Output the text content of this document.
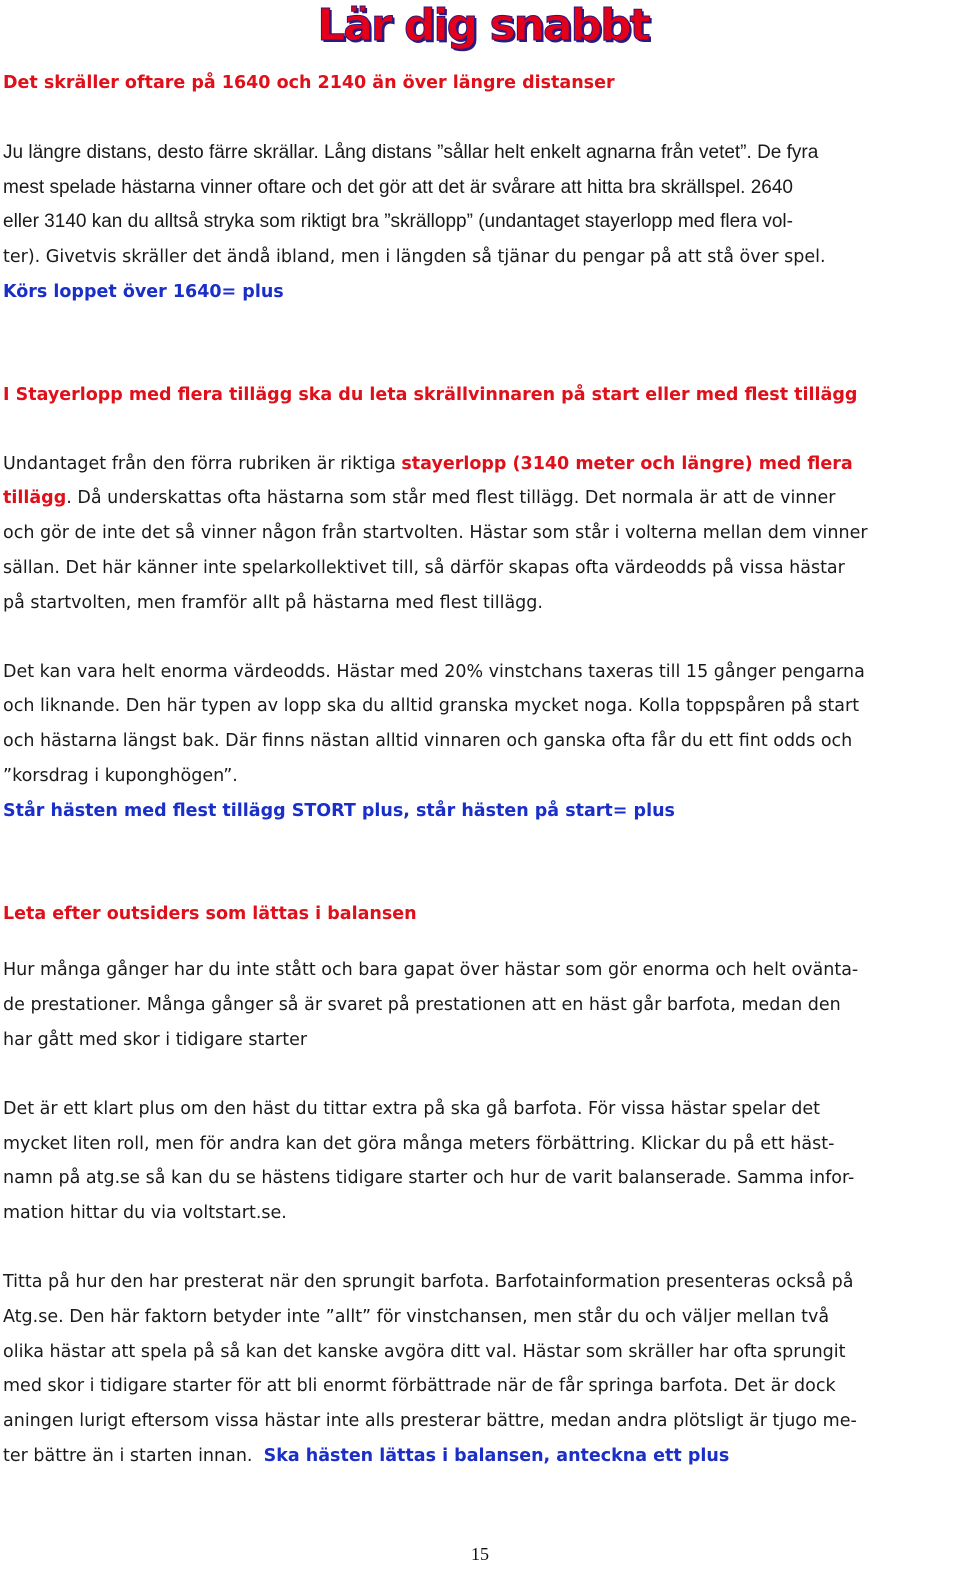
Lär dig snabbt

Det skräller oftare på 1640 och 2140 än över längre distanser

Ju längre distans, desto färre skrällar. Lång distans ”sållar helt enkelt agnarna från vetet”. De fyra

mest spelade hästarna vinner oftare och det gör att det är svårare att hitta bra skrällspel. 2640

eller 3140 kan du alltså stryka som riktigt bra ”skrällopp” (undantaget stayerlopp med flera vol-

ter). Givetvis skräller det ändå ibland, men i längden så tjänar du pengar på att stå över spel.

Körs loppet över 1640= plus

I Stayerlopp med flera tillägg ska du leta skrällvinnaren på start eller med flest tillägg

Undantaget från den förra rubriken är riktiga stayerlopp (3140 meter och längre) med flera

tillägg. Då underskattas ofta hästarna som står med flest tillägg. Det normala är att de vinner

och gör de inte det så vinner någon från startvolten. Hästar som står i volterna mellan dem vinner

sällan. Det här känner inte spelarkollektivet till, så därför skapas ofta värdeodds på vissa hästar

på startvolten, men framför allt på hästarna med flest tillägg.

Det kan vara helt enorma värdeodds. Hästar med 20% vinstchans taxeras till 15 gånger pengarna

och liknande. Den här typen av lopp ska du alltid granska mycket noga. Kolla toppspåren på start

och hästarna längst bak. Där finns nästan alltid vinnaren och ganska ofta får du ett fint odds och

”korsdrag i kuponghögen”.

Står hästen med flest tillägg STORT plus, står hästen på start= plus

Leta efter outsiders som lättas i balansen

Hur många gånger har du inte stått och bara gapat över hästar som gör enorma och helt oväntа-

de prestationer. Många gånger så är svaret på prestationen att en häst går barfota, medan den

har gått med skor i tidigare starter

Det är ett klart plus om den häst du tittar extra på ska gå barfota. För vissa hästar spelar det

mycket liten roll, men för andra kan det göra många meters förbättring. Klickar du på ett häst-

namn på atg.se så kan du se hästens tidigare starter och hur de varit balanserade. Samma infor-

mation hittar du via voltstart.se.

Titta på hur den har presterat när den sprungit barfota. Barfotainformation presenteras också på

Atg.se. Den här faktorn betyder inte ”allt” för vinstchansen, men står du och väljer mellan två

olika hästar att spela på så kan det kanske avgöra ditt val. Hästar som skräller har ofta sprungit

med skor i tidigare starter för att bli enormt förbättrade när de får springa barfota. Det är dock

aningen lurigt eftersom vissa hästar inte alls presterar bättre, medan andra plötsligt är tjugo me-

ter bättre än i starten innan.  Ska hästen lättas i balansen, anteckna ett plus

15
